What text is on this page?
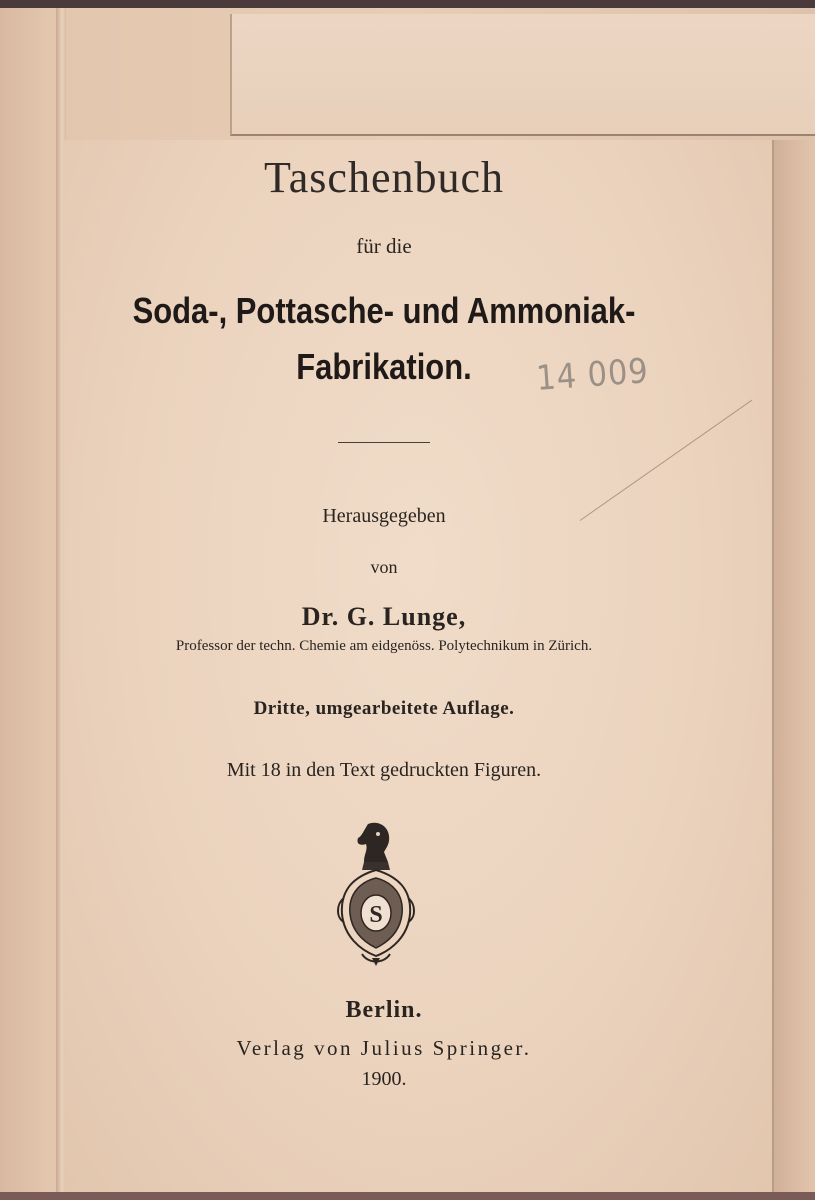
Taschenbuch
für die
Soda-, Pottasche- und Ammoniak-
Fabrikation.	14 009
Herausgegeben
von
Dr. G. Lunge,
Professor der techn. Chemie am eidgenöss. Polytechnikum in Zürich.
Dritte, umgearbeitete Auflage.
Mit 18 in den Text gedruckten Figuren.
S
Berlin.
Verlag von Julius Springer.
1900.
